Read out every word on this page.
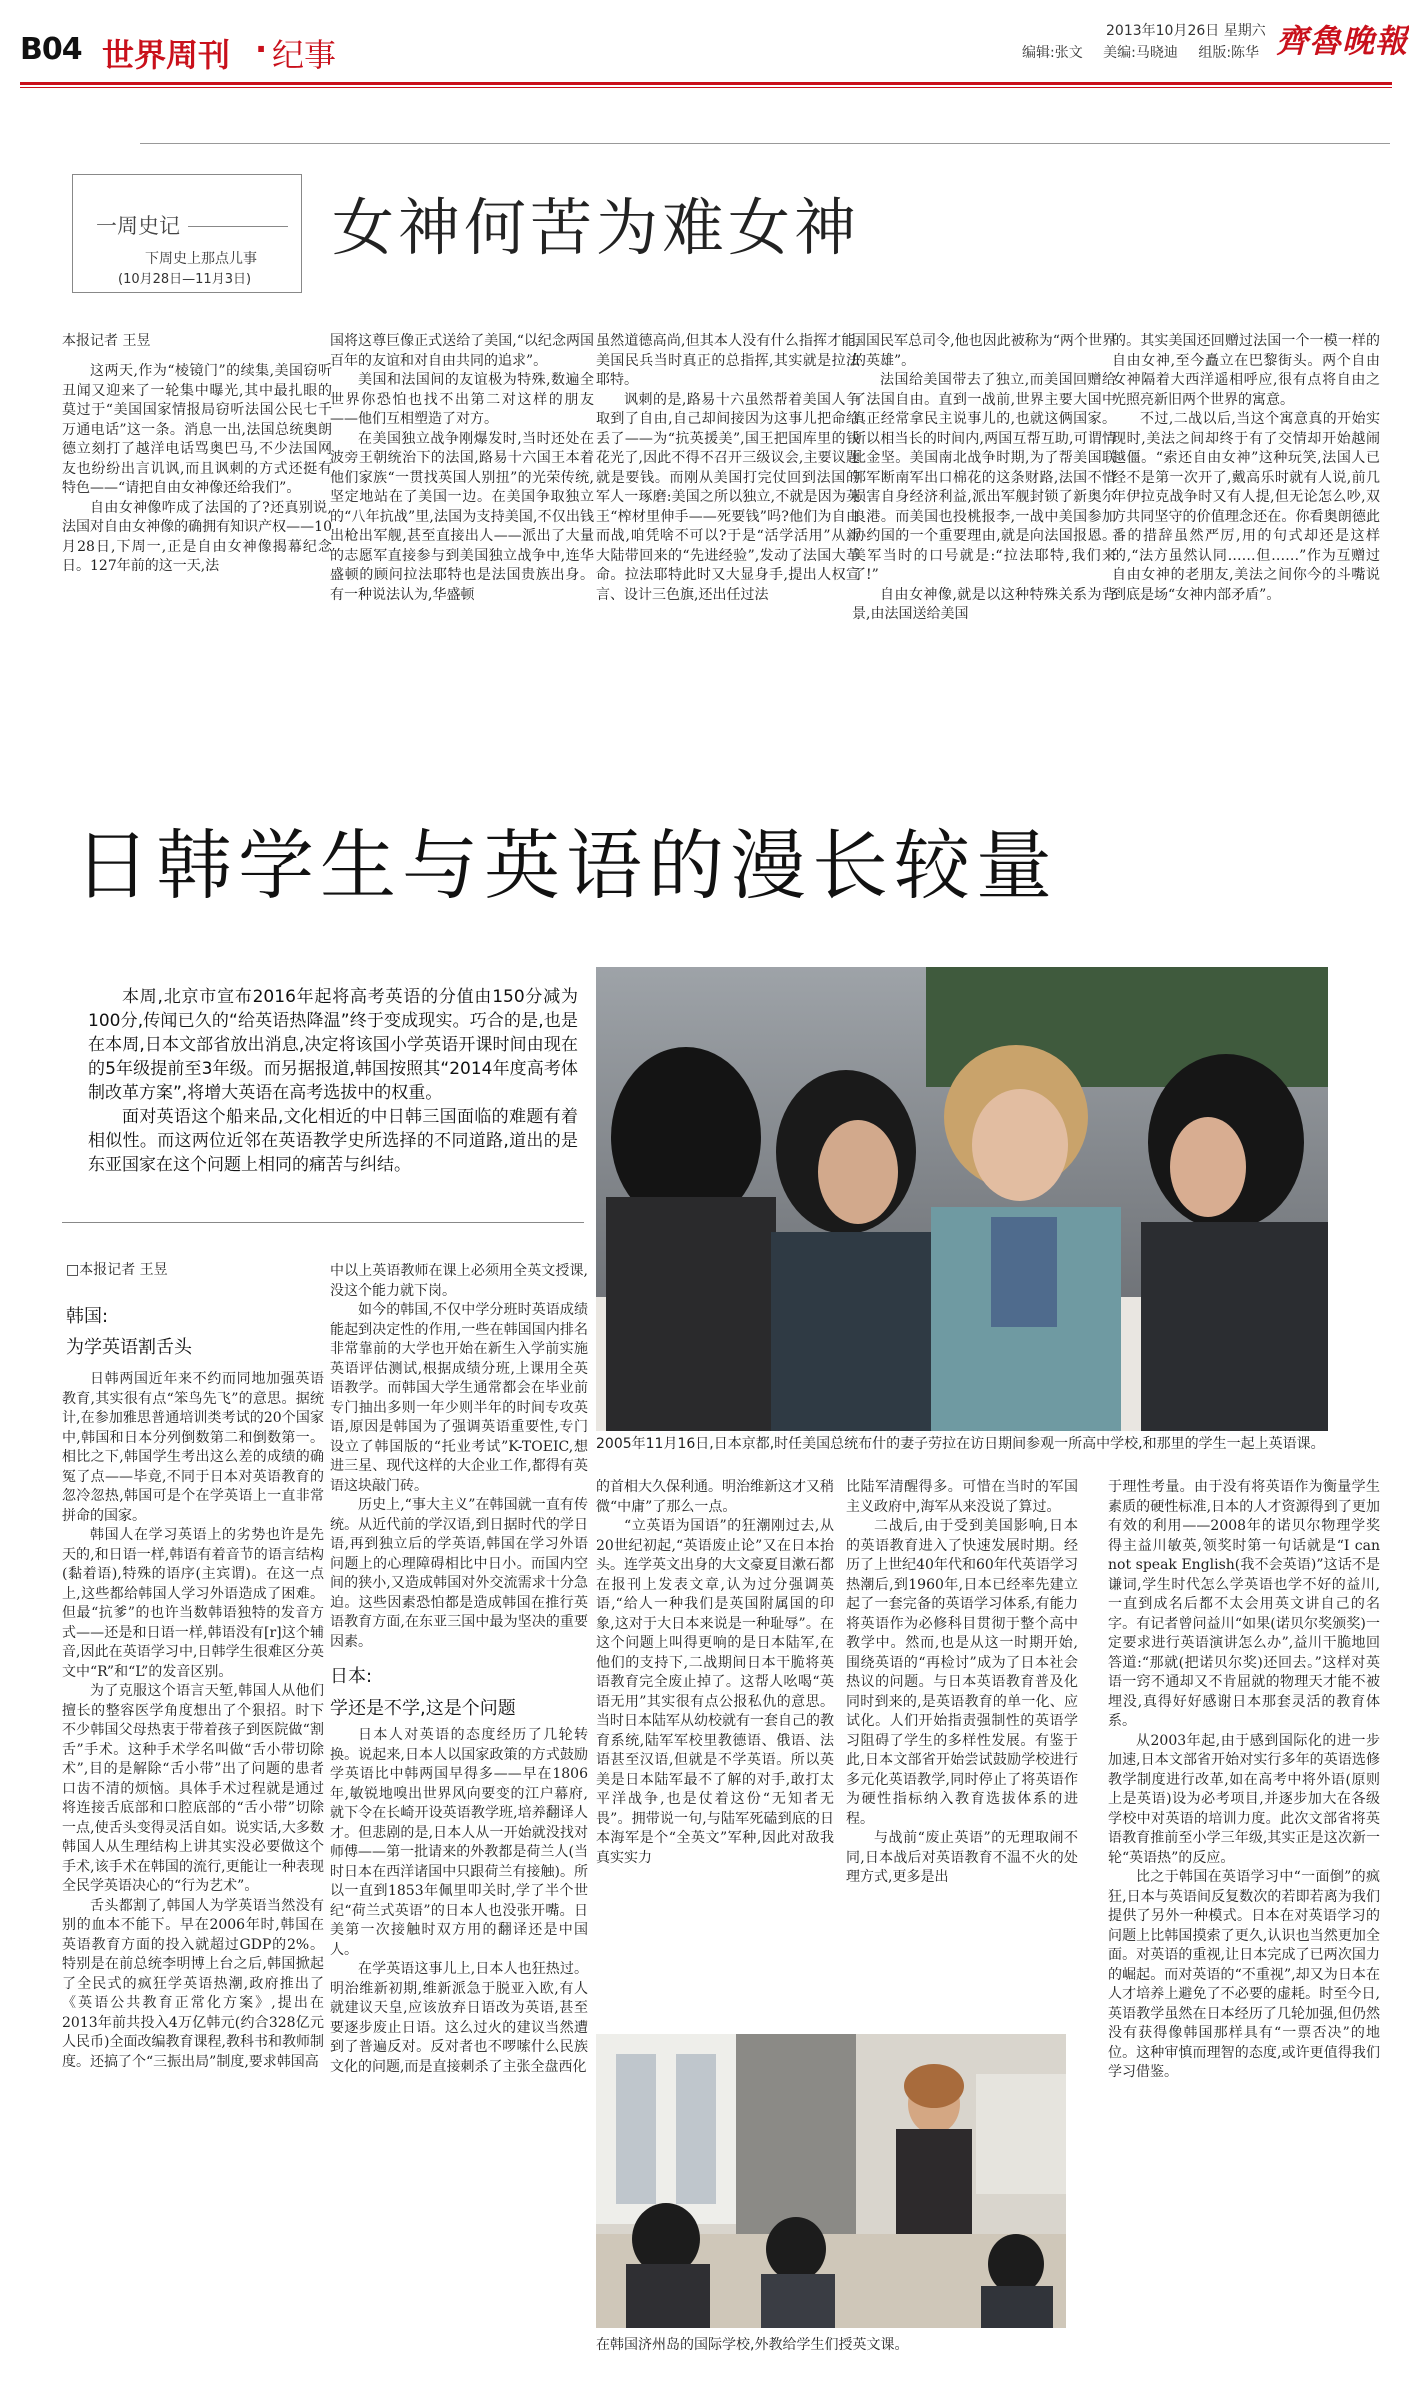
B04 世界周刊 · 纪事
2013年10月26日 星期六
编辑:张文 美编:马晓迪 组版:陈华 齊魯晚報
一周史记
下周史上那点儿事
(10月28日—11月3日)
女神何苦为难女神
本报记者 王昱

这两天,作为“棱镜门”的续集,美国窃听丑闻又迎来了一轮集中曝光,其中最扎眼的莫过于“美国国家情报局窃听法国公民七千万通电话”这一条。消息一出,法国总统奥朗德立刻打了越洋电话骂奥巴马,不少法国网友也纷纷出言讥讽,而且讽刺的方式还挺有特色——“请把自由女神像还给我们”。

自由女神像咋成了法国的了?还真别说,法国对自由女神像的确拥有知识产权——10月28日,下周一,正是自由女神像揭幕纪念日。127年前的这一天,法

国将这尊巨像正式送给了美国,“以纪念两国百年的友谊和对自由共同的追求”。

美国和法国间的友谊极为特殊,数遍全世界你恐怕也找不出第二对这样的朋友——他们互相塑造了对方。

在美国独立战争刚爆发时,当时还处在波旁王朝统治下的法国,路易十六国王本着他们家族“一贯找英国人别扭”的光荣传统,坚定地站在了美国一边。在美国争取独立的“八年抗战”里,法国为支持美国,不仅出钱出枪出军舰,甚至直接出人——派出了大量的志愿军直接参与到美国独立战争中,连华盛顿的顾问拉法耶特也是法国贵族出身。有一种说法认为,华盛顿

虽然道德高尚,但其本人没有什么指挥才能,美国民兵当时真正的总指挥,其实就是拉法耶特。

讽刺的是,路易十六虽然帮着美国人争取到了自由,自己却间接因为这事儿把命给丢了——为“抗英援美”,国王把国库里的钱花光了,因此不得不召开三级议会,主要议题就是要钱。而刚从美国打完仗回到法国的军人一琢磨:美国之所以独立,不就是因为英王“榨材里伸手——死要钱”吗?他们为自由而战,咱凭啥不可以?于是“活学活用”从新大陆带回来的“先进经验”,发动了法国大革命。拉法耶特此时又大显身手,提出人权宣言、设计三色旗,还出任过法

国国民军总司令,他也因此被称为“两个世界的英雄”。

法国给美国带去了独立,而美国回赠给了法国自由。直到一战前,世界主要大国中真正经常拿民主说事儿的,也就这俩国家。所以相当长的时间内,两国互帮互助,可谓情比金坚。美国南北战争时期,为了帮美国联邦军断南军出口棉花的这条财路,法国不惜损害自身经济利益,派出军舰封锁了新奥尔良港。而美国也投桃报李,一战中美国参加协约国的一个重要理由,就是向法国报恩。美军当时的口号就是:“拉法耶特,我们来了!”

自由女神像,就是以这种特殊关系为背景,由法国送给美国

的。其实美国还回赠过法国一个一模一样的自由女神,至今矗立在巴黎街头。两个自由女神隔着大西洋遥相呼应,很有点将自由之光照亮新旧两个世界的寓意。

不过,二战以后,当这个寓意真的开始实现时,美法之间却终于有了交情却开始越闹越僵。“索还自由女神”这种玩笑,法国人已经不是第一次开了,戴高乐时就有人说,前几年伊拉克战争时又有人提,但无论怎么吵,双方共同坚守的价值理念还在。你看奥朗德此番的措辞虽然严厉,用的句式却还是这样的,“法方虽然认同……但……”作为互赠过自由女神的老朋友,美法之间你今的斗嘴说到底是场“女神内部矛盾”。

日韩学生与英语的漫长较量

本周,北京市宣布2016年起将高考英语的分值由150分减为100分,传闻已久的“给英语热降温”终于变成现实。巧合的是,也是在本周,日本文部省放出消息,决定将该国小学英语开课时间由现在的5年级提前至3年级。而另据报道,韩国按照其“2014年度高考体制改革方案”,将增大英语在高考选拔中的权重。

面对英语这个船来品,文化相近的中日韩三国面临的难题有着相似性。而这两位近邻在英语教学史所选择的不同道路,道出的是东亚国家在这个问题上相同的痛苦与纠结。

2005年11月16日,日本京都,时任美国总统布什的妻子劳拉在访日期间参观一所高中学校,和那里的学生一起上英语课。
□本报记者 王昱
韩国:
为学英语割舌头

日韩两国近年来不约而同地加强英语教育,其实很有点“笨鸟先飞”的意思。据统计,在参加雅思普通培训类考试的20个国家中,韩国和日本分列倒数第二和倒数第一。相比之下,韩国学生考出这么差的成绩的确冤了点——毕竟,不同于日本对英语教育的忽冷忽热,韩国可是个在学英语上一直非常拼命的国家。

韩国人在学习英语上的劣势也许是先天的,和日语一样,韩语有着音节的语言结构(黏着语),特殊的语序(主宾谓)。在这一点上,这些都给韩国人学习外语造成了困难。但最“抗爹”的也许当数韩语独特的发音方式——还是和日语一样,韩语没有[r]这个辅音,因此在英语学习中,日韩学生很难区分英文中“R”和“L”的发音区别。

为了克服这个语言天堑,韩国人从他们擅长的整容医学角度想出了个狠招。时下不少韩国父母热衷于带着孩子到医院做“割舌”手术。这种手术学名叫做“舌小带切除术”,目的是解除“舌小带”出了问题的患者口齿不清的烦恼。具体手术过程就是通过将连接舌底部和口腔底部的“舌小带”切除一点,使舌头变得灵活自如。说实话,大多数韩国人从生理结构上讲其实没必要做这个手术,该手术在韩国的流行,更能让一种表现全民学英语决心的“行为艺术”。

舌头都割了,韩国人为学英语当然没有别的血本不能下。早在2006年时,韩国在英语教育方面的投入就超过GDP的2%。特别是在前总统李明博上台之后,韩国掀起了全民式的疯狂学英语热潮,政府推出了《英语公共教育正常化方案》,提出在2013年前共投入4万亿韩元(约合328亿元人民币)全面改编教育课程,教科书和教师制度。还搞了个“三振出局”制度,要求韩国高

中以上英语教师在课上必须用全英文授课,没这个能力就下岗。

如今的韩国,不仅中学分班时英语成绩能起到决定性的作用,一些在韩国国内排名非常靠前的大学也开始在新生入学前实施英语评估测试,根据成绩分班,上课用全英语教学。而韩国大学生通常都会在毕业前专门抽出多则一年少则半年的时间专攻英语,原因是韩国为了强调英语重要性,专门设立了韩国版的“托业考试”K-TOEIC,想进三星、现代这样的大企业工作,都得有英语这块敲门砖。

历史上,“事大主义”在韩国就一直有传统。从近代前的学汉语,到日据时代的学日语,再到独立后的学英语,韩国在学习外语问题上的心理障碍相比中日小。而国内空间的狭小,又造成韩国对外交流需求十分急迫。这些因素恐怕都是造成韩国在推行英语教育方面,在东亚三国中最为坚决的重要因素。

日本:
学还是不学,这是个问题

日本人对英语的态度经历了几轮转换。说起来,日本人以国家政策的方式鼓励学英语比中韩两国早得多——早在1806年,敏锐地嗅出世界风向要变的江户幕府,就下令在长崎开设英语教学班,培养翻译人才。但悲剧的是,日本人从一开始就没找对师傅——第一批请来的外教都是荷兰人(当时日本在西洋诸国中只跟荷兰有接触)。所以一直到1853年佩里叩关时,学了半个世纪“荷兰式英语”的日本人也没张开嘴。日美第一次接触时双方用的翻译还是中国人。

在学英语这事儿上,日本人也狂热过。明治维新初期,维新派急于脱亚入欧,有人就建议天皇,应该放弃日语改为英语,甚至要逐步废止日语。这么过火的建议当然遭到了普遍反对。反对者也不啰嗦什么民族文化的问题,而是直接刺杀了主张全盘西化

的首相大久保利通。明治维新这才又稍微“中庸”了那么一点。

“立英语为国语”的狂潮刚过去,从20世纪初起,“英语废止论”又在日本抬头。连学英文出身的大文豪夏目漱石都在报刊上发表文章,认为过分强调英语,“给人一种我们是英国附属国的印象,这对于大日本来说是一种耻辱”。在这个问题上叫得更响的是日本陆军,在他们的支持下,二战期间日本干脆将英语教育完全废止掉了。这帮人吆喝“英语无用”其实很有点公报私仇的意思。当时日本陆军从幼校就有一套自己的教育系统,陆军军校里教德语、俄语、法语甚至汉语,但就是不学英语。所以英美是日本陆军最不了解的对手,敢打太平洋战争,也是仗着这份“无知者无畏”。拥带说一句,与陆军死磕到底的日本海军是个“全英文”军种,因此对敌我真实实力

比陆军清醒得多。可惜在当时的军国主义政府中,海军从来没说了算过。

二战后,由于受到美国影响,日本的英语教育进入了快速发展时期。经历了上世纪40年代和60年代英语学习热潮后,到1960年,日本已经率先建立起了一套完备的英语学习体系,有能力将英语作为必修科目贯彻于整个高中教学中。然而,也是从这一时期开始,围绕英语的“再检讨”成为了日本社会热议的问题。与日本英语教育普及化同时到来的,是英语教育的单一化、应试化。人们开始指责强制性的英语学习阻碍了学生的多样性发展。有鉴于此,日本文部省开始尝试鼓励学校进行多元化英语教学,同时停止了将英语作为硬性指标纳入教育选拔体系的进程。

与战前“废止英语”的无理取闹不同,日本战后对英语教育不温不火的处理方式,更多是出

于理性考量。由于没有将英语作为衡量学生素质的硬性标准,日本的人才资源得到了更加有效的利用——2008年的诺贝尔物理学奖得主益川敏英,领奖时第一句话就是“I can not speak English(我不会英语)”这话不是谦词,学生时代怎么学英语也学不好的益川,一直到成名后都不太会用英文讲自己的名字。有记者曾问益川“如果(诺贝尔奖颁奖)一定要求进行英语演讲怎么办”,益川干脆地回答道:“那就(把诺贝尔奖)还回去。”这样对英语一窍不通却又不肯屈就的物理天才能不被埋没,真得好好感谢日本那套灵活的教育体系。

从2003年起,由于感到国际化的进一步加速,日本文部省开始对实行多年的英语选修教学制度进行改革,如在高考中将外语(原则上是英语)设为必考项目,并逐步加大在各级学校中对英语的培训力度。此次文部省将英语教育推前至小学三年级,其实正是这次新一轮“英语热”的反应。

比之于韩国在英语学习中“一面倒”的疯狂,日本与英语间反复数次的若即若离为我们提供了另外一种模式。日本在对英语学习的问题上比韩国摸索了更久,认识也当然更加全面。对英语的重视,让日本完成了已两次国力的崛起。而对英语的“不重视”,却又为日本在人才培养上避免了不必要的虚耗。时至今日,英语教学虽然在日本经历了几轮加强,但仍然没有获得像韩国那样具有“一票否决”的地位。这种审慎而理智的态度,或许更值得我们学习借鉴。

在韩国济州岛的国际学校,外教给学生们授英文课。
